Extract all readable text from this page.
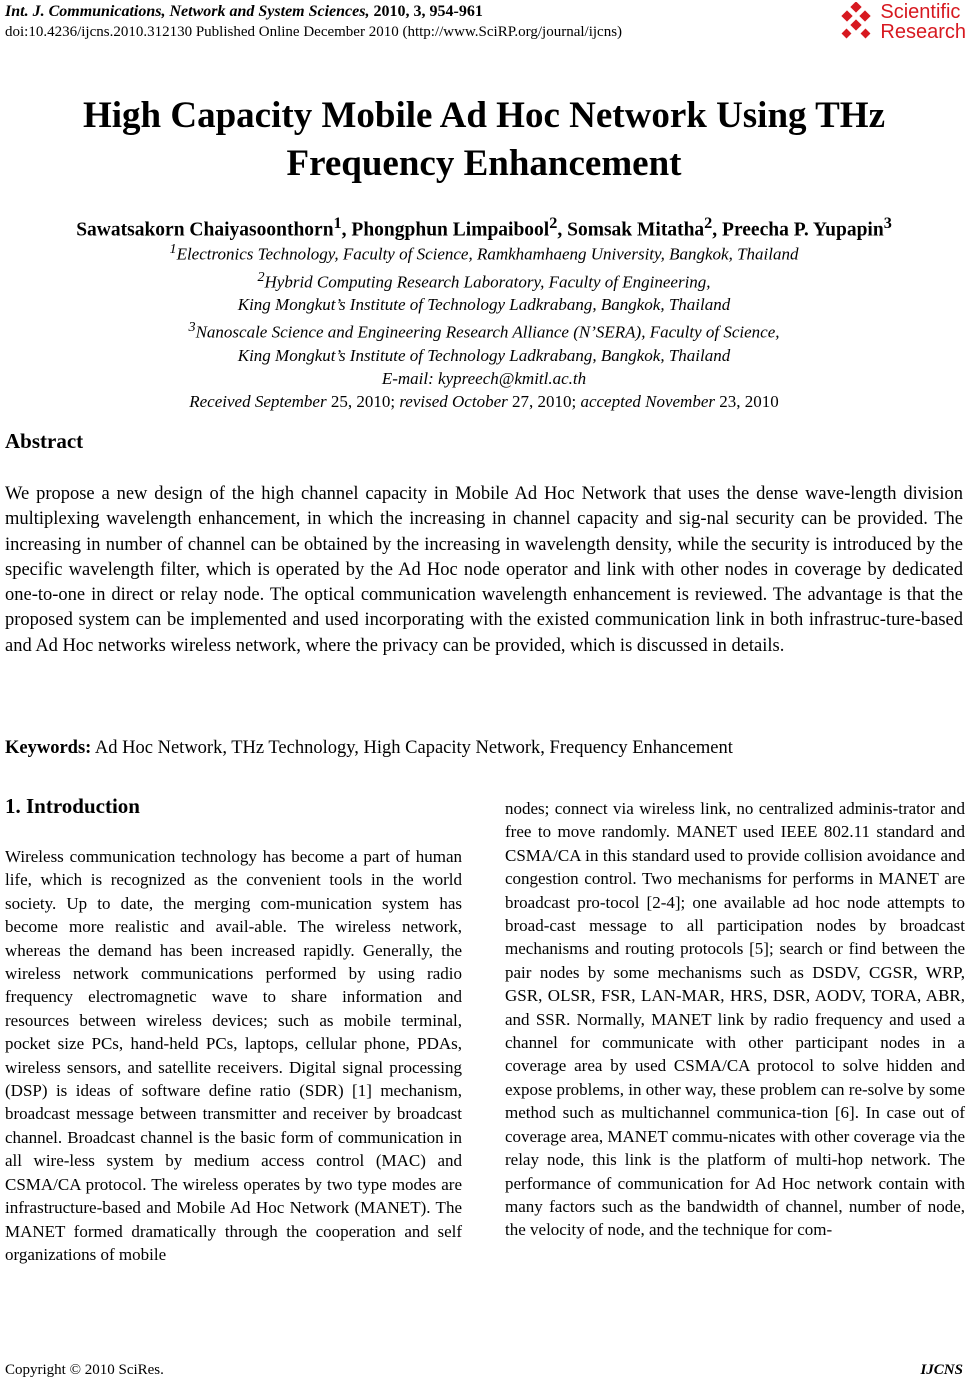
Int. J. Communications, Network and System Sciences, 2010, 3, 954-961
doi:10.4236/ijcns.2010.312130 Published Online December 2010 (http://www.SciRP.org/journal/ijcns)
Scientific
Research
High Capacity Mobile Ad Hoc Network Using THz
Frequency Enhancement
Sawatsakorn Chaiyasoonthorn$^1$, Phongphun Limpaibool$^2$, Somsak Mitatha$^2$, Preecha P. Yupapin$^3$
$^1$Electronics Technology, Faculty of Science, Ramkhamhaeng University, Bangkok, Thailand
$^2$Hybrid Computing Research Laboratory, Faculty of Engineering,
King Mongkut’s Institute of Technology Ladkrabang, Bangkok, Thailand
$^3$Nanoscale Science and Engineering Research Alliance (N’SERA), Faculty of Science,
King Mongkut’s Institute of Technology Ladkrabang, Bangkok, Thailand
E-mail: kypreech@kmitl.ac.th
Received September 25, 2010; revised October 27, 2010; accepted November 23, 2010
Abstract
We propose a new design of the high channel capacity in Mobile Ad Hoc Network that uses the dense wave-length division multiplexing wavelength enhancement, in which the increasing in channel capacity and sig-nal security can be provided. The increasing in number of channel can be obtained by the increasing in wavelength density, while the security is introduced by the specific wavelength filter, which is operated by the Ad Hoc node operator and link with other nodes in coverage by dedicated one-to-one in direct or relay node. The optical communication wavelength enhancement is reviewed. The advantage is that the proposed system can be implemented and used incorporating with the existed communication link in both infrastruc-ture-based and Ad Hoc networks wireless network, where the privacy can be provided, which is discussed in details.
Keywords: Ad Hoc Network, THz Technology, High Capacity Network, Frequency Enhancement
1. Introduction
Wireless communication technology has become a part of human life, which is recognized as the convenient tools in the world society. Up to date, the merging com-munication system has become more realistic and avail-able. The wireless network, whereas the demand has been increased rapidly. Generally, the wireless network communications performed by using radio frequency electromagnetic wave to share information and resources between wireless devices; such as mobile terminal, pocket size PCs, hand-held PCs, laptops, cellular phone, PDAs, wireless sensors, and satellite receivers. Digital signal processing (DSP) is ideas of software define ratio (SDR) [1] mechanism, broadcast message between transmitter and receiver by broadcast channel. Broadcast channel is the basic form of communication in all wire-less system by medium access control (MAC) and CSMA/CA protocol. The wireless operates by two type modes are infrastructure-based and Mobile Ad Hoc Network (MANET). The MANET formed dramatically through the cooperation and self organizations of mobile
nodes; connect via wireless link, no centralized adminis-trator and free to move randomly. MANET used IEEE 802.11 standard and CSMA/CA in this standard used to provide collision avoidance and congestion control. Two mechanisms for performs in MANET are broadcast pro-tocol [2-4]; one available ad hoc node attempts to broad-cast message to all participation nodes by broadcast mechanisms and routing protocols [5]; search or find between the pair nodes by some mechanisms such as DSDV, CGSR, WRP, GSR, OLSR, FSR, LAN-MAR, HRS, DSR, AODV, TORA, ABR, and SSR. Normally, MANET link by radio frequency and used a channel for communicate with other participant nodes in a coverage area by used CSMA/CA protocol to solve hidden and expose problems, in other way, these problem can re-solve by some method such as multichannel communica-tion [6]. In case out of coverage area, MANET commu-nicates with other coverage via the relay node, this link is the platform of multi-hop network. The performance of communication for Ad Hoc network contain with many factors such as the bandwidth of channel, number of node, the velocity of node, and the technique for com-
Copyright © 2010 SciRes.	IJCNS
